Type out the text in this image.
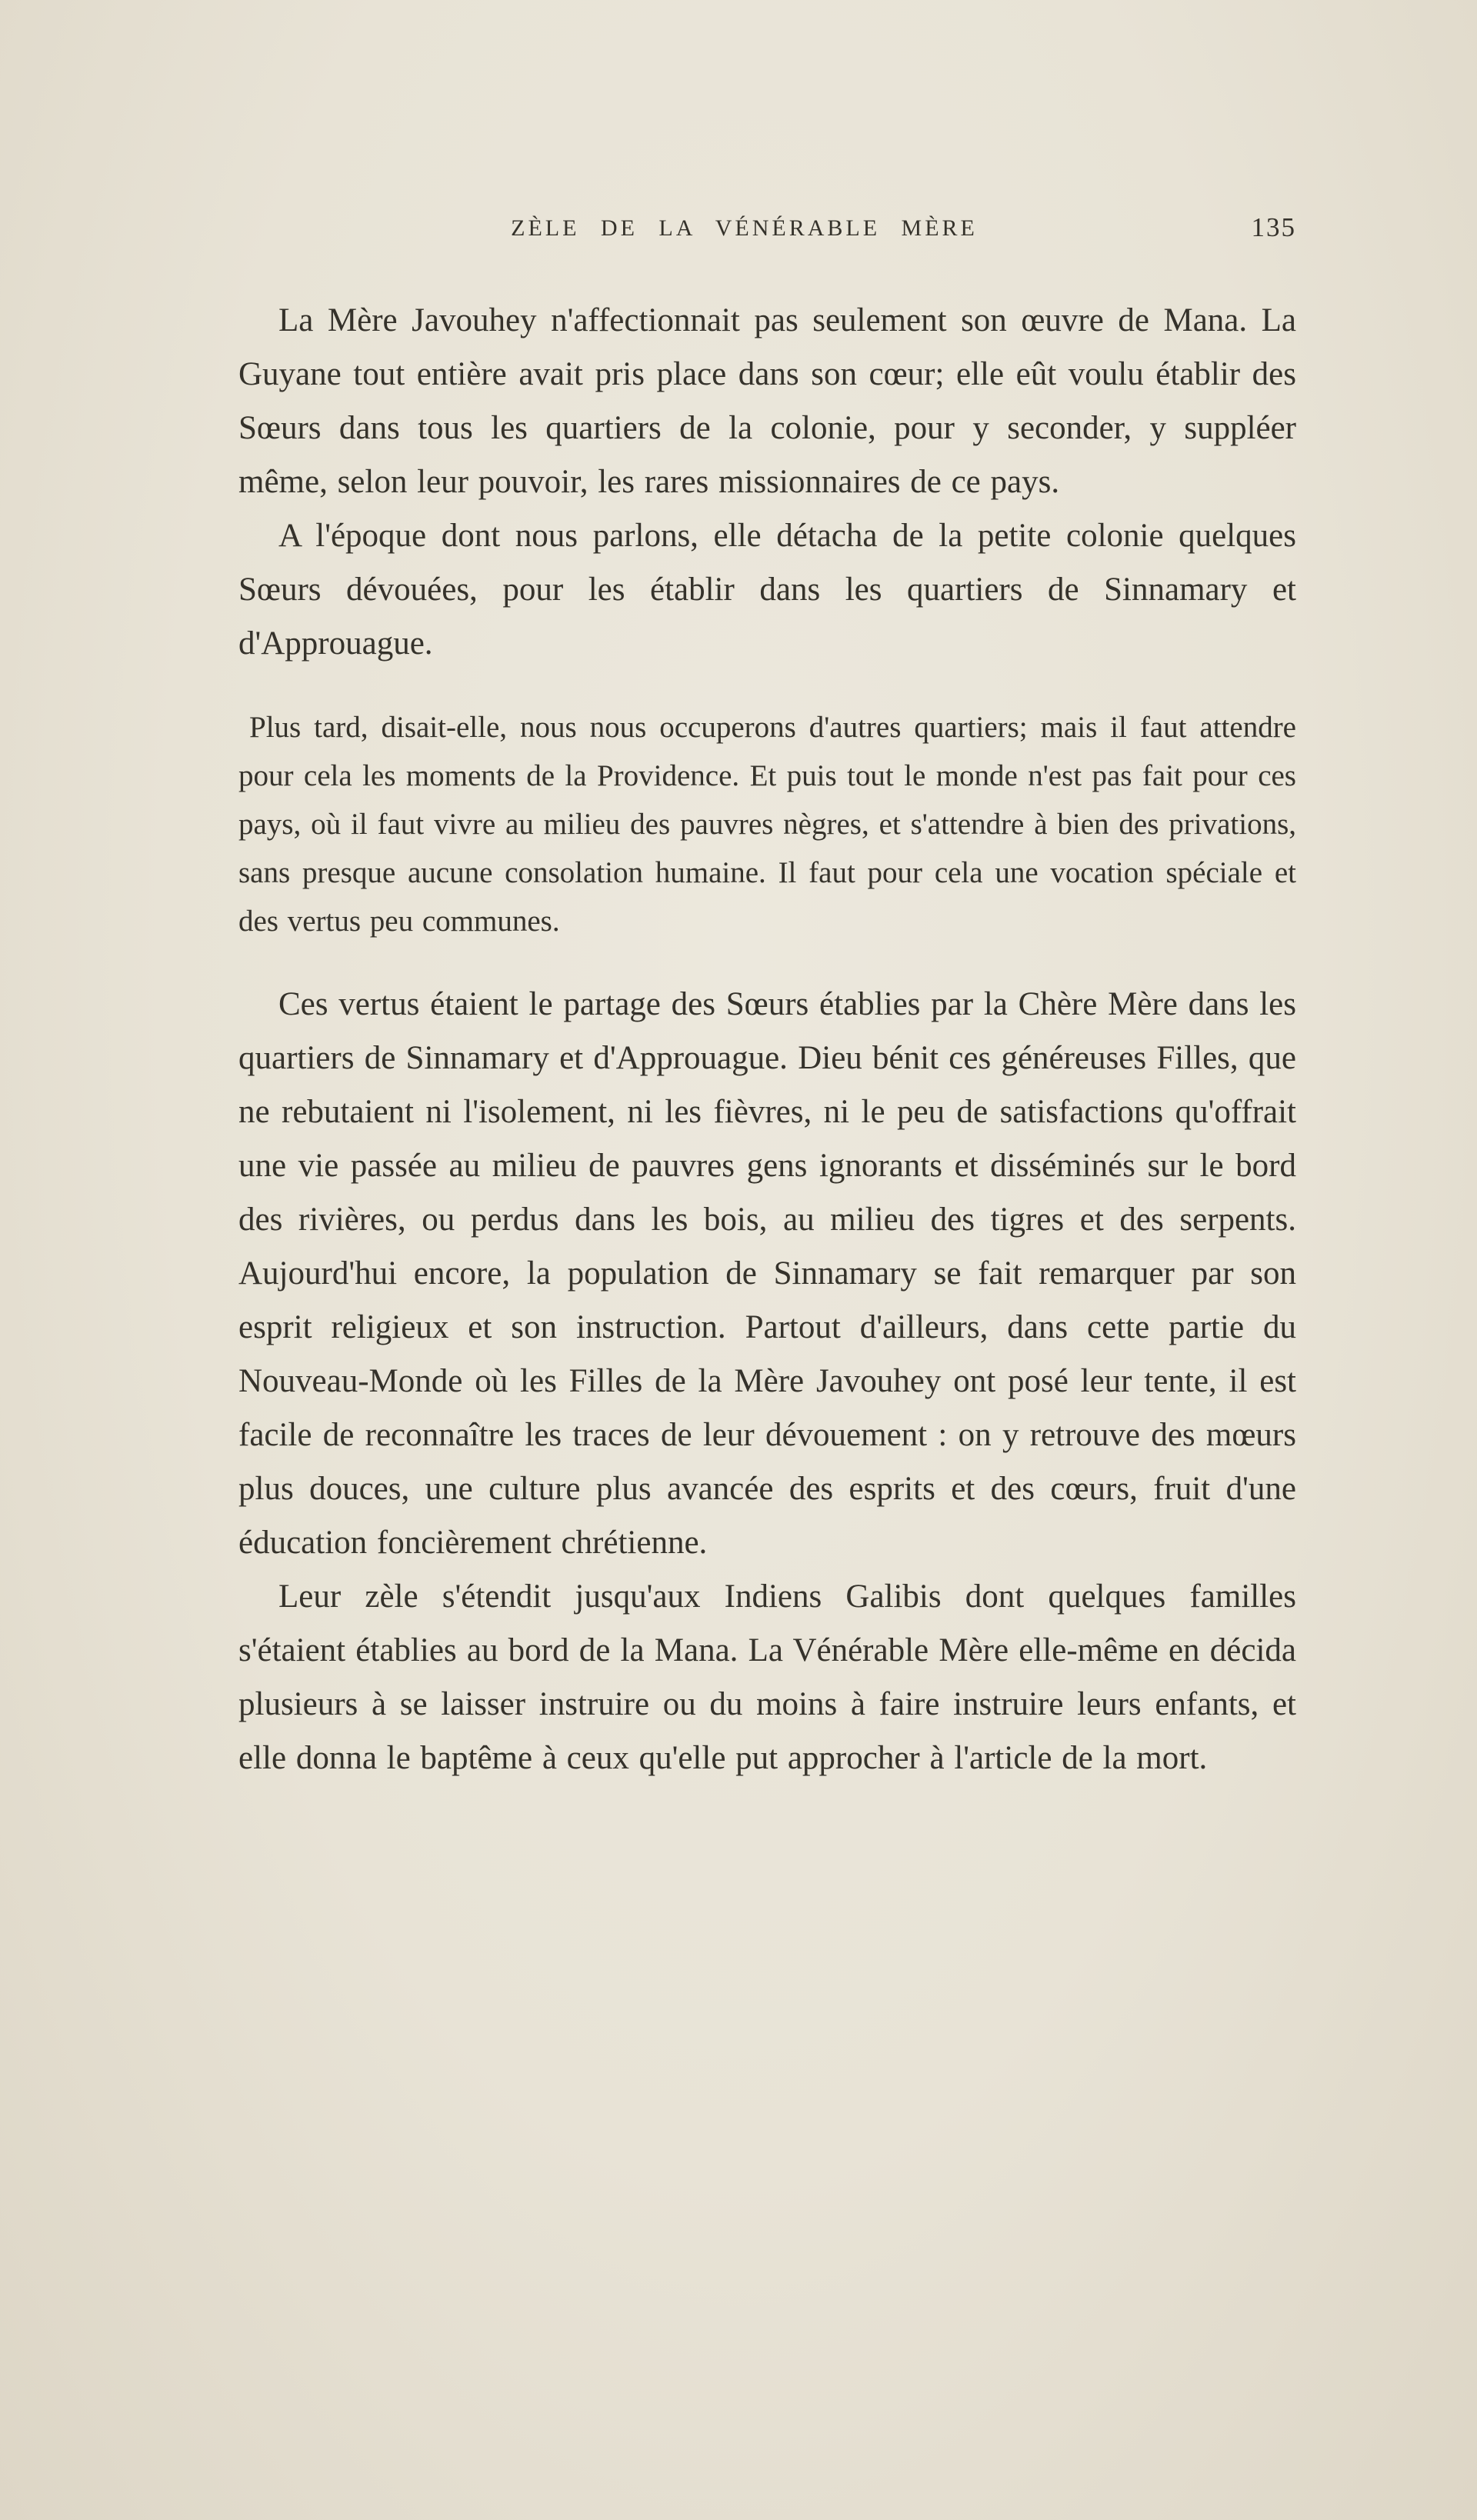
ZÈLE DE LA VÉNÉRABLE MÈRE	135

La Mère Javouhey n'affectionnait pas seulement son œuvre de Mana. La Guyane tout entière avait pris place dans son cœur; elle eût voulu établir des Sœurs dans tous les quartiers de la colonie, pour y seconder, y suppléer même, selon leur pouvoir, les rares missionnaires de ce pays.

A l'époque dont nous parlons, elle détacha de la petite colonie quelques Sœurs dévouées, pour les établir dans les quartiers de Sinnamary et d'Approuague.

Plus tard, disait-elle, nous nous occuperons d'autres quartiers; mais il faut attendre pour cela les moments de la Providence. Et puis tout le monde n'est pas fait pour ces pays, où il faut vivre au milieu des pauvres nègres, et s'attendre à bien des privations, sans presque aucune consolation humaine. Il faut pour cela une vocation spéciale et des vertus peu communes.

Ces vertus étaient le partage des Sœurs établies par la Chère Mère dans les quartiers de Sinnamary et d'Approuague. Dieu bénit ces généreuses Filles, que ne rebutaient ni l'isolement, ni les fièvres, ni le peu de satisfactions qu'offrait une vie passée au milieu de pauvres gens ignorants et disséminés sur le bord des rivières, ou perdus dans les bois, au milieu des tigres et des serpents. Aujourd'hui encore, la population de Sinnamary se fait remarquer par son esprit religieux et son instruction. Partout d'ailleurs, dans cette partie du Nouveau-Monde où les Filles de la Mère Javouhey ont posé leur tente, il est facile de reconnaître les traces de leur dévouement : on y retrouve des mœurs plus douces, une culture plus avancée des esprits et des cœurs, fruit d'une éducation foncièrement chrétienne.

Leur zèle s'étendit jusqu'aux Indiens Galibis dont quelques familles s'étaient établies au bord de la Mana. La Vénérable Mère elle-même en décida plusieurs à se laisser instruire ou du moins à faire instruire leurs enfants, et elle donna le baptême à ceux qu'elle put approcher à l'article de la mort.
